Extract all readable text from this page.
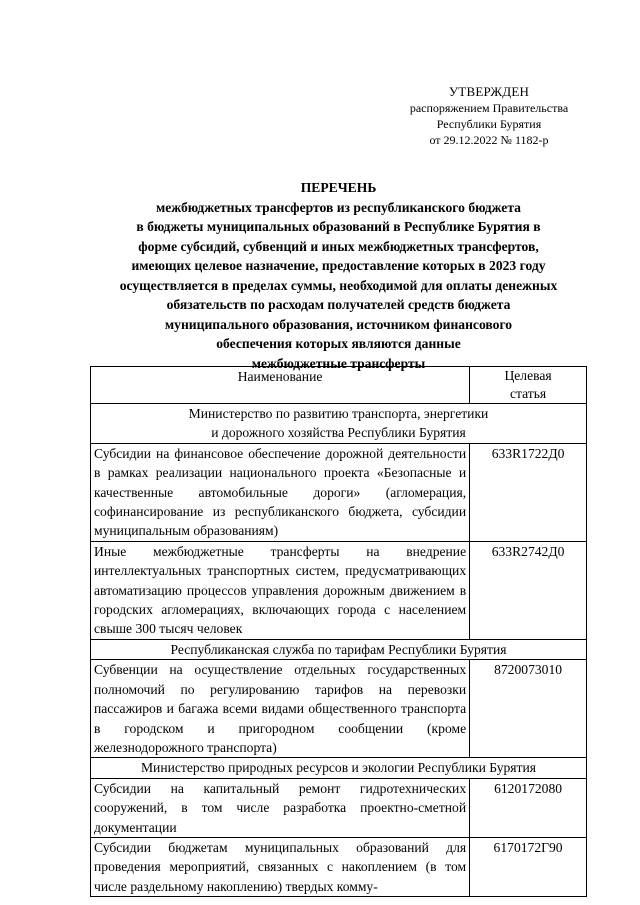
УТВЕРЖДЕН
распоряжением Правительства
Республики Бурятия
от 29.12.2022 № 1182-р
ПЕРЕЧЕНЬ
межбюджетных трансфертов из республиканского бюджета
в бюджеты муниципальных образований в Республике Бурятия в
форме субсидий, субвенций и иных межбюджетных трансфертов,
имеющих целевое назначение, предоставление которых в 2023 году
осуществляется в пределах суммы, необходимой для оплаты денежных
обязательств по расходам получателей средств бюджета
муниципального образования, источником финансового
обеспечения которых являются данные
межбюджетные трансферты
Наименование	Целевая
статья

Министерство по развитию транспорта, энергетики
и дорожного хозяйства Республики Бурятия	

Субсидии на финансовое обеспечение дорожной деятельности в рамках реализации национального проекта «Безопасные и качественные автомобильные дороги» (агломерация, софинансирование из республиканского бюджета, субсидии муниципальным образованиям)	633R1722Д0
Иные межбюджетные трансферты на внедрение интеллектуальных транспортных систем, предусматривающих автоматизацию процессов управления дорожным движением в городских агломерациях, включающих города с населением свыше 300 тысяч человек	633R2742Д0
Республиканская служба по тарифам Республики Бурятия	
Субвенции на осуществление отдельных государственных полномочий по регулированию тарифов на перевозки пассажиров и багажа всеми видами общественного транспорта в городском и пригородном сообщении (кроме железнодорожного транспорта)	8720073010
Министерство природных ресурсов и экологии Республики Бурятия	
Субсидии на капитальный ремонт гидротехнических сооружений, в том числе разработка проектно-сметной документации	6120172080
Субсидии бюджетам муниципальных образований для проведения мероприятий, связанных с накоплением (в том числе раздельному накоплению) твердых комму-	6170172Г90
